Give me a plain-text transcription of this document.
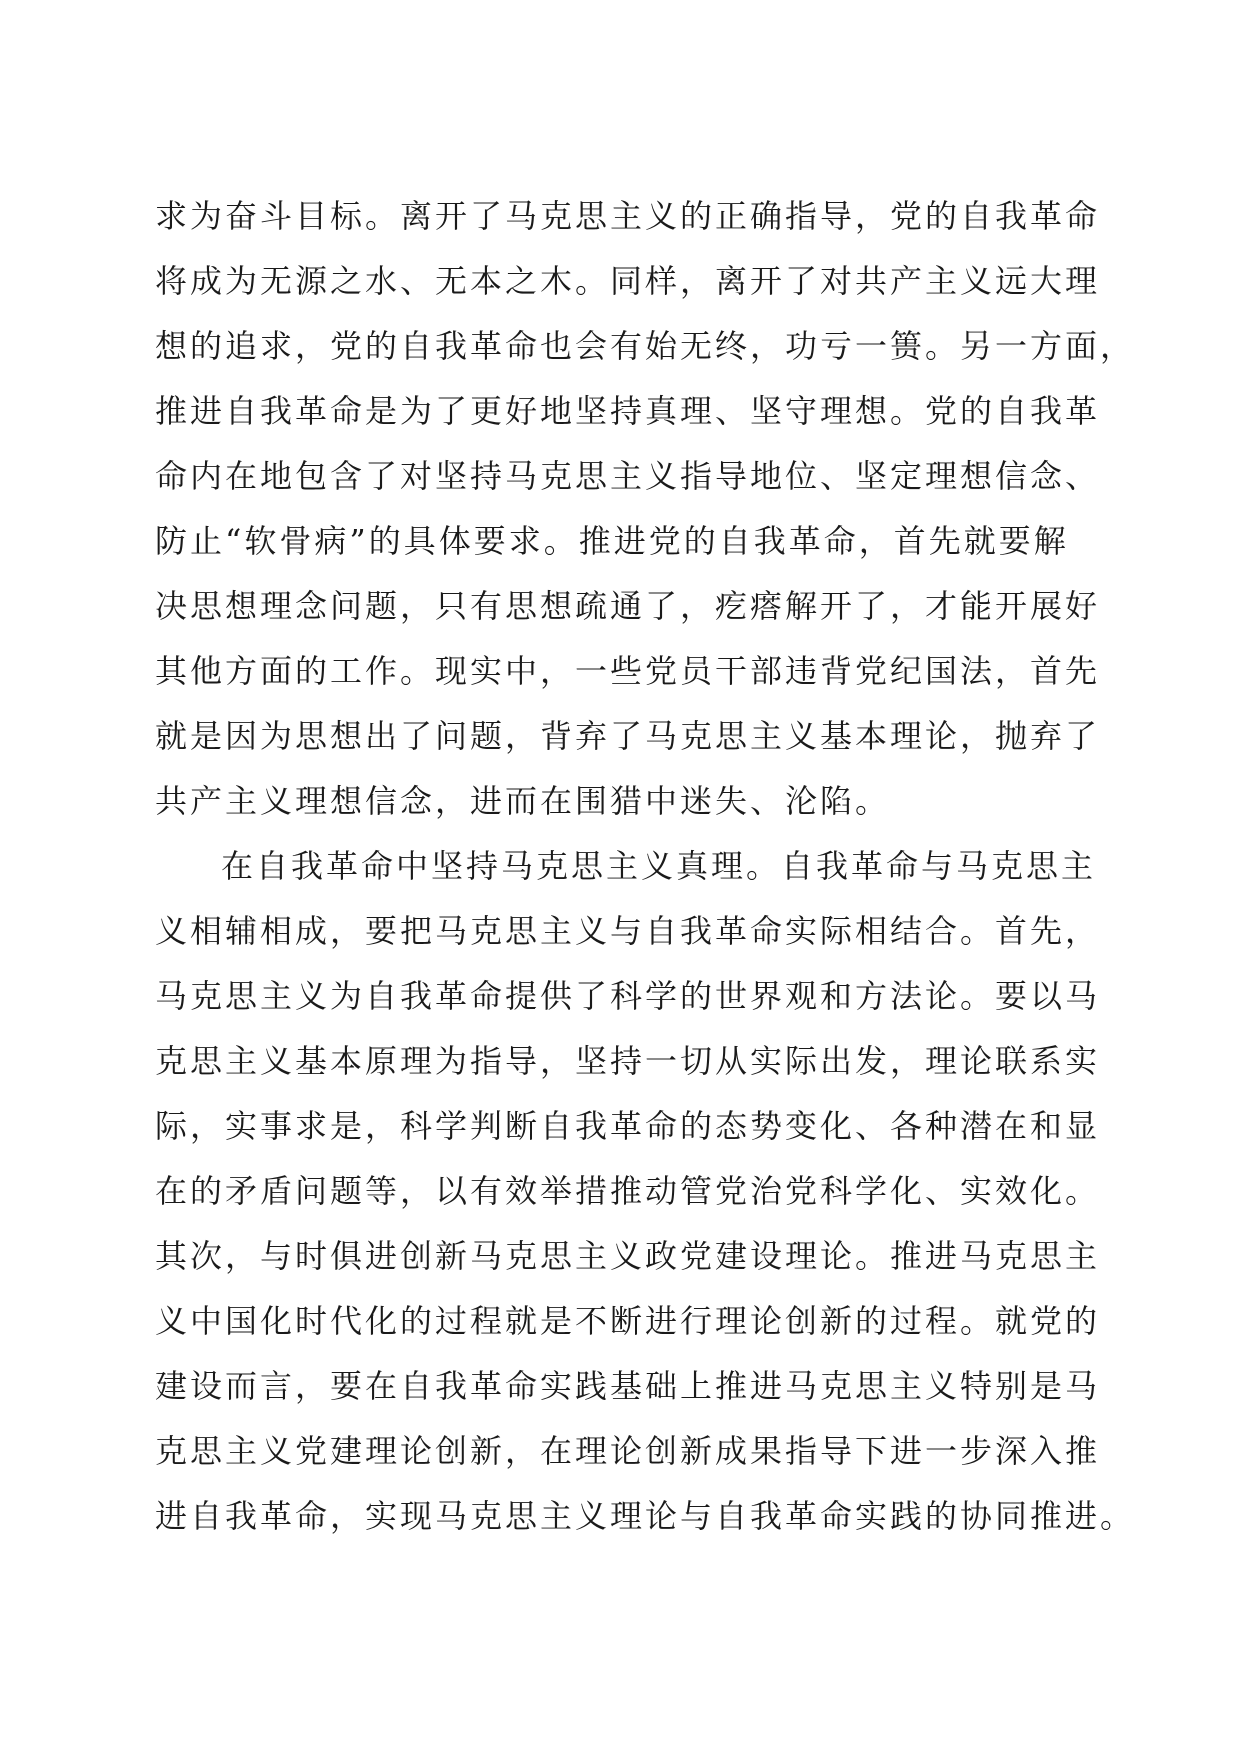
求为奋斗目标。离开了马克思主义的正确指导，党的自我革命
将成为无源之水、无本之木。同样，离开了对共产主义远大理
想的追求，党的自我革命也会有始无终，功亏一篑。另一方面，
推进自我革命是为了更好地坚持真理、坚守理想。党的自我革
命内在地包含了对坚持马克思主义指导地位、坚定理想信念、
防止“软骨病”的具体要求。推进党的自我革命，首先就要解
决思想理念问题，只有思想疏通了，疙瘩解开了，才能开展好
其他方面的工作。现实中，一些党员干部违背党纪国法，首先
就是因为思想出了问题，背弃了马克思主义基本理论，抛弃了
共产主义理想信念，进而在围猎中迷失、沦陷。
在自我革命中坚持马克思主义真理。自我革命与马克思主
义相辅相成，要把马克思主义与自我革命实际相结合。首先，
马克思主义为自我革命提供了科学的世界观和方法论。要以马
克思主义基本原理为指导，坚持一切从实际出发，理论联系实
际，实事求是，科学判断自我革命的态势变化、各种潜在和显
在的矛盾问题等，以有效举措推动管党治党科学化、实效化。
其次，与时俱进创新马克思主义政党建设理论。推进马克思主
义中国化时代化的过程就是不断进行理论创新的过程。就党的
建设而言，要在自我革命实践基础上推进马克思主义特别是马
克思主义党建理论创新，在理论创新成果指导下进一步深入推
进自我革命，实现马克思主义理论与自我革命实践的协同推进。
